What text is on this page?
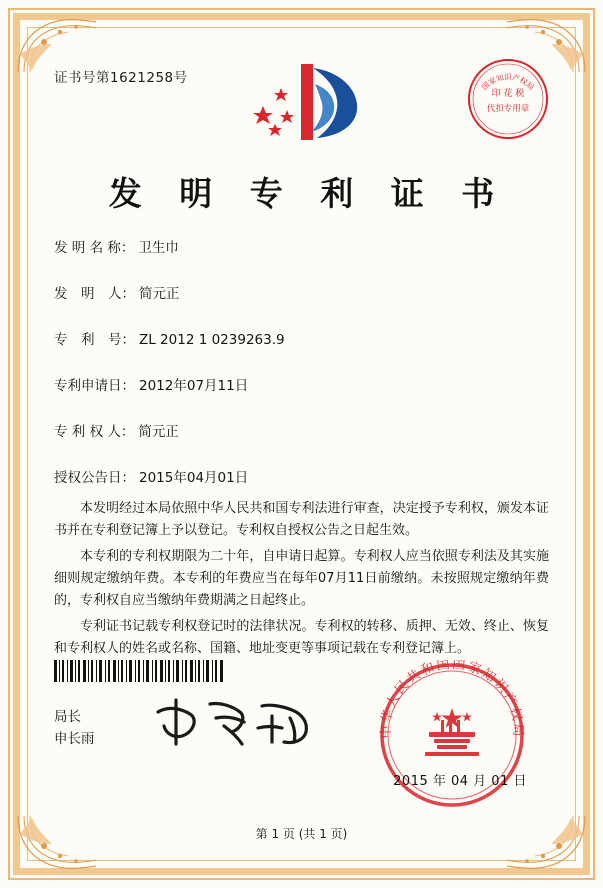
证书号第1621258号	国家知识产权局
印 花 税
代扣专用章
发 明 专 利 证 书
发 明 名 称： 卫生巾
发　明　人： 简元正
专　利　号： ZL 2012 1 0239263.9
专利申请日： 2012年07月11日
专 利 权 人： 简元正
授权公告日： 2015年04月01日

本发明经过本局依照中华人民共和国专利法进行审查，决定授予专利权，颁发本证书并在专利登记簿上予以登记。专利权自授权公告之日起生效。

本专利的专利权期限为二十年，自申请日起算。专利权人应当依照专利法及其实施细则规定缴纳年费。本专利的年费应当在每年07月11日前缴纳。未按照规定缴纳年费的，专利权自应当缴纳年费期满之日起终止。

专利证书记载专利权登记时的法律状况。专利权的转移、质押、无效、终止、恢复和专利权人的姓名或名称、国籍、地址变更等事项记载在专利登记簿上。

局长
申长雨
中华人民共和国国家知识产权局
2015 年 04 月 01 日
第 1 页 (共 1 页)
